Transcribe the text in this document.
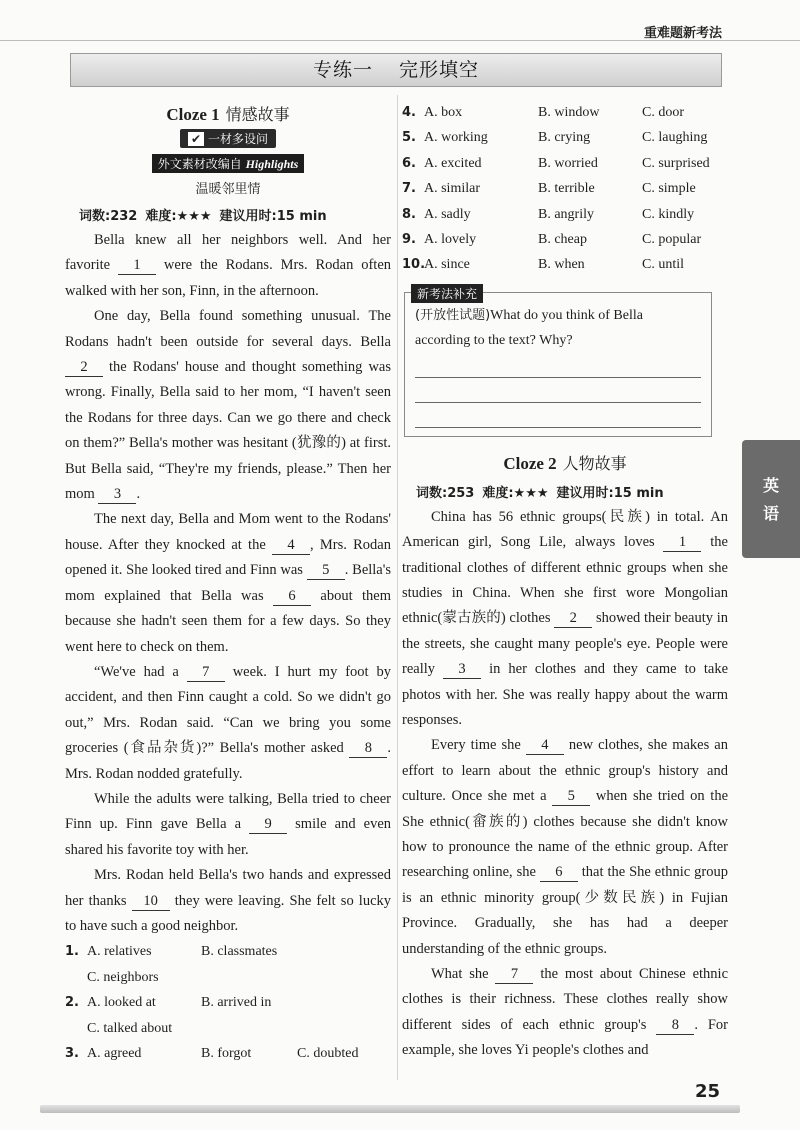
重难题新考法
专练一 完形填空
Cloze 1 情感故事
✔ 一材多设问
外文素材改编自 Highlights
温暖邻里情
词数:232 难度:★★★ 建议用时:15 min

Bella knew all her neighbors well. And her favorite 1 were the Rodans. Mrs. Rodan often walked with her son, Finn, in the afternoon.

One day, Bella found something unusual. The Rodans hadn't been outside for several days. Bella 2 the Rodans' house and thought something was wrong. Finally, Bella said to her mom, “I haven't seen the Rodans for three days. Can we go there and check on them?” Bella's mother was hesitant (犹豫的) at first. But Bella said, “They're my friends, please.” Then her mom 3 .

The next day, Bella and Mom went to the Rodans' house. After they knocked at the 4 , Mrs. Rodan opened it. She looked tired and Finn was 5 . Bella's mom explained that Bella was 6 about them because she hadn't seen them for a few days. So they went here to check on them.

“We've had a 7 week. I hurt my foot by accident, and then Finn caught a cold. So we didn't go out,” Mrs. Rodan said. “Can we bring you some groceries (食品杂货)?” Bella's mother asked 8 . Mrs. Rodan nodded gratefully.

While the adults were talking, Bella tried to cheer Finn up. Finn gave Bella a 9 smile and even shared his favorite toy with her.

Mrs. Rodan held Bella's two hands and expressed her thanks 10 they were leaving. She felt so lucky to have such a good neighbor.

1. A. relatives	B. classmates
C. neighbors
2. A. looked at	B. arrived in
C. talked about
3. A. agreed	B. forgot	C. doubted
4. A. box	B. window	C. door
5. A. working	B. crying	C. laughing
6. A. excited	B. worried	C. surprised
7. A. similar	B. terrible	C. simple
8. A. sadly	B. angrily	C. kindly
9. A. lovely	B. cheap	C. popular
10.
A. since	B. when	C. until
新考法补充
(开放性试题)What do you think of Bella according to the text? Why?
Cloze 2 人物故事
词数:253 难度:★★★ 建议用时:15 min

China has 56 ethnic groups(民族) in total. An American girl, Song Lile, always loves 1 the traditional clothes of different ethnic groups when she studies in China. When she first wore Mongolian ethnic(蒙古族的) clothes 2 showed their beauty in the streets, she caught many people's eye. People were really 3 in her clothes and they came to take photos with her. She was really happy about the warm responses.

Every time she 4 new clothes, she makes an effort to learn about the ethnic group's history and culture. Once she met a 5 when she tried on the She ethnic(畲族的) clothes because she didn't know how to pronounce the name of the ethnic group. After researching online, she 6 that the She ethnic group is an ethnic minority group(少数民族) in Fujian Province. Gradually, she has had a deeper understanding of the ethnic groups.

What she 7 the most about Chinese ethnic clothes is their richness. These clothes really show different sides of each ethnic group's 8 . For example, she loves Yi people's clothes and

英
语
25
